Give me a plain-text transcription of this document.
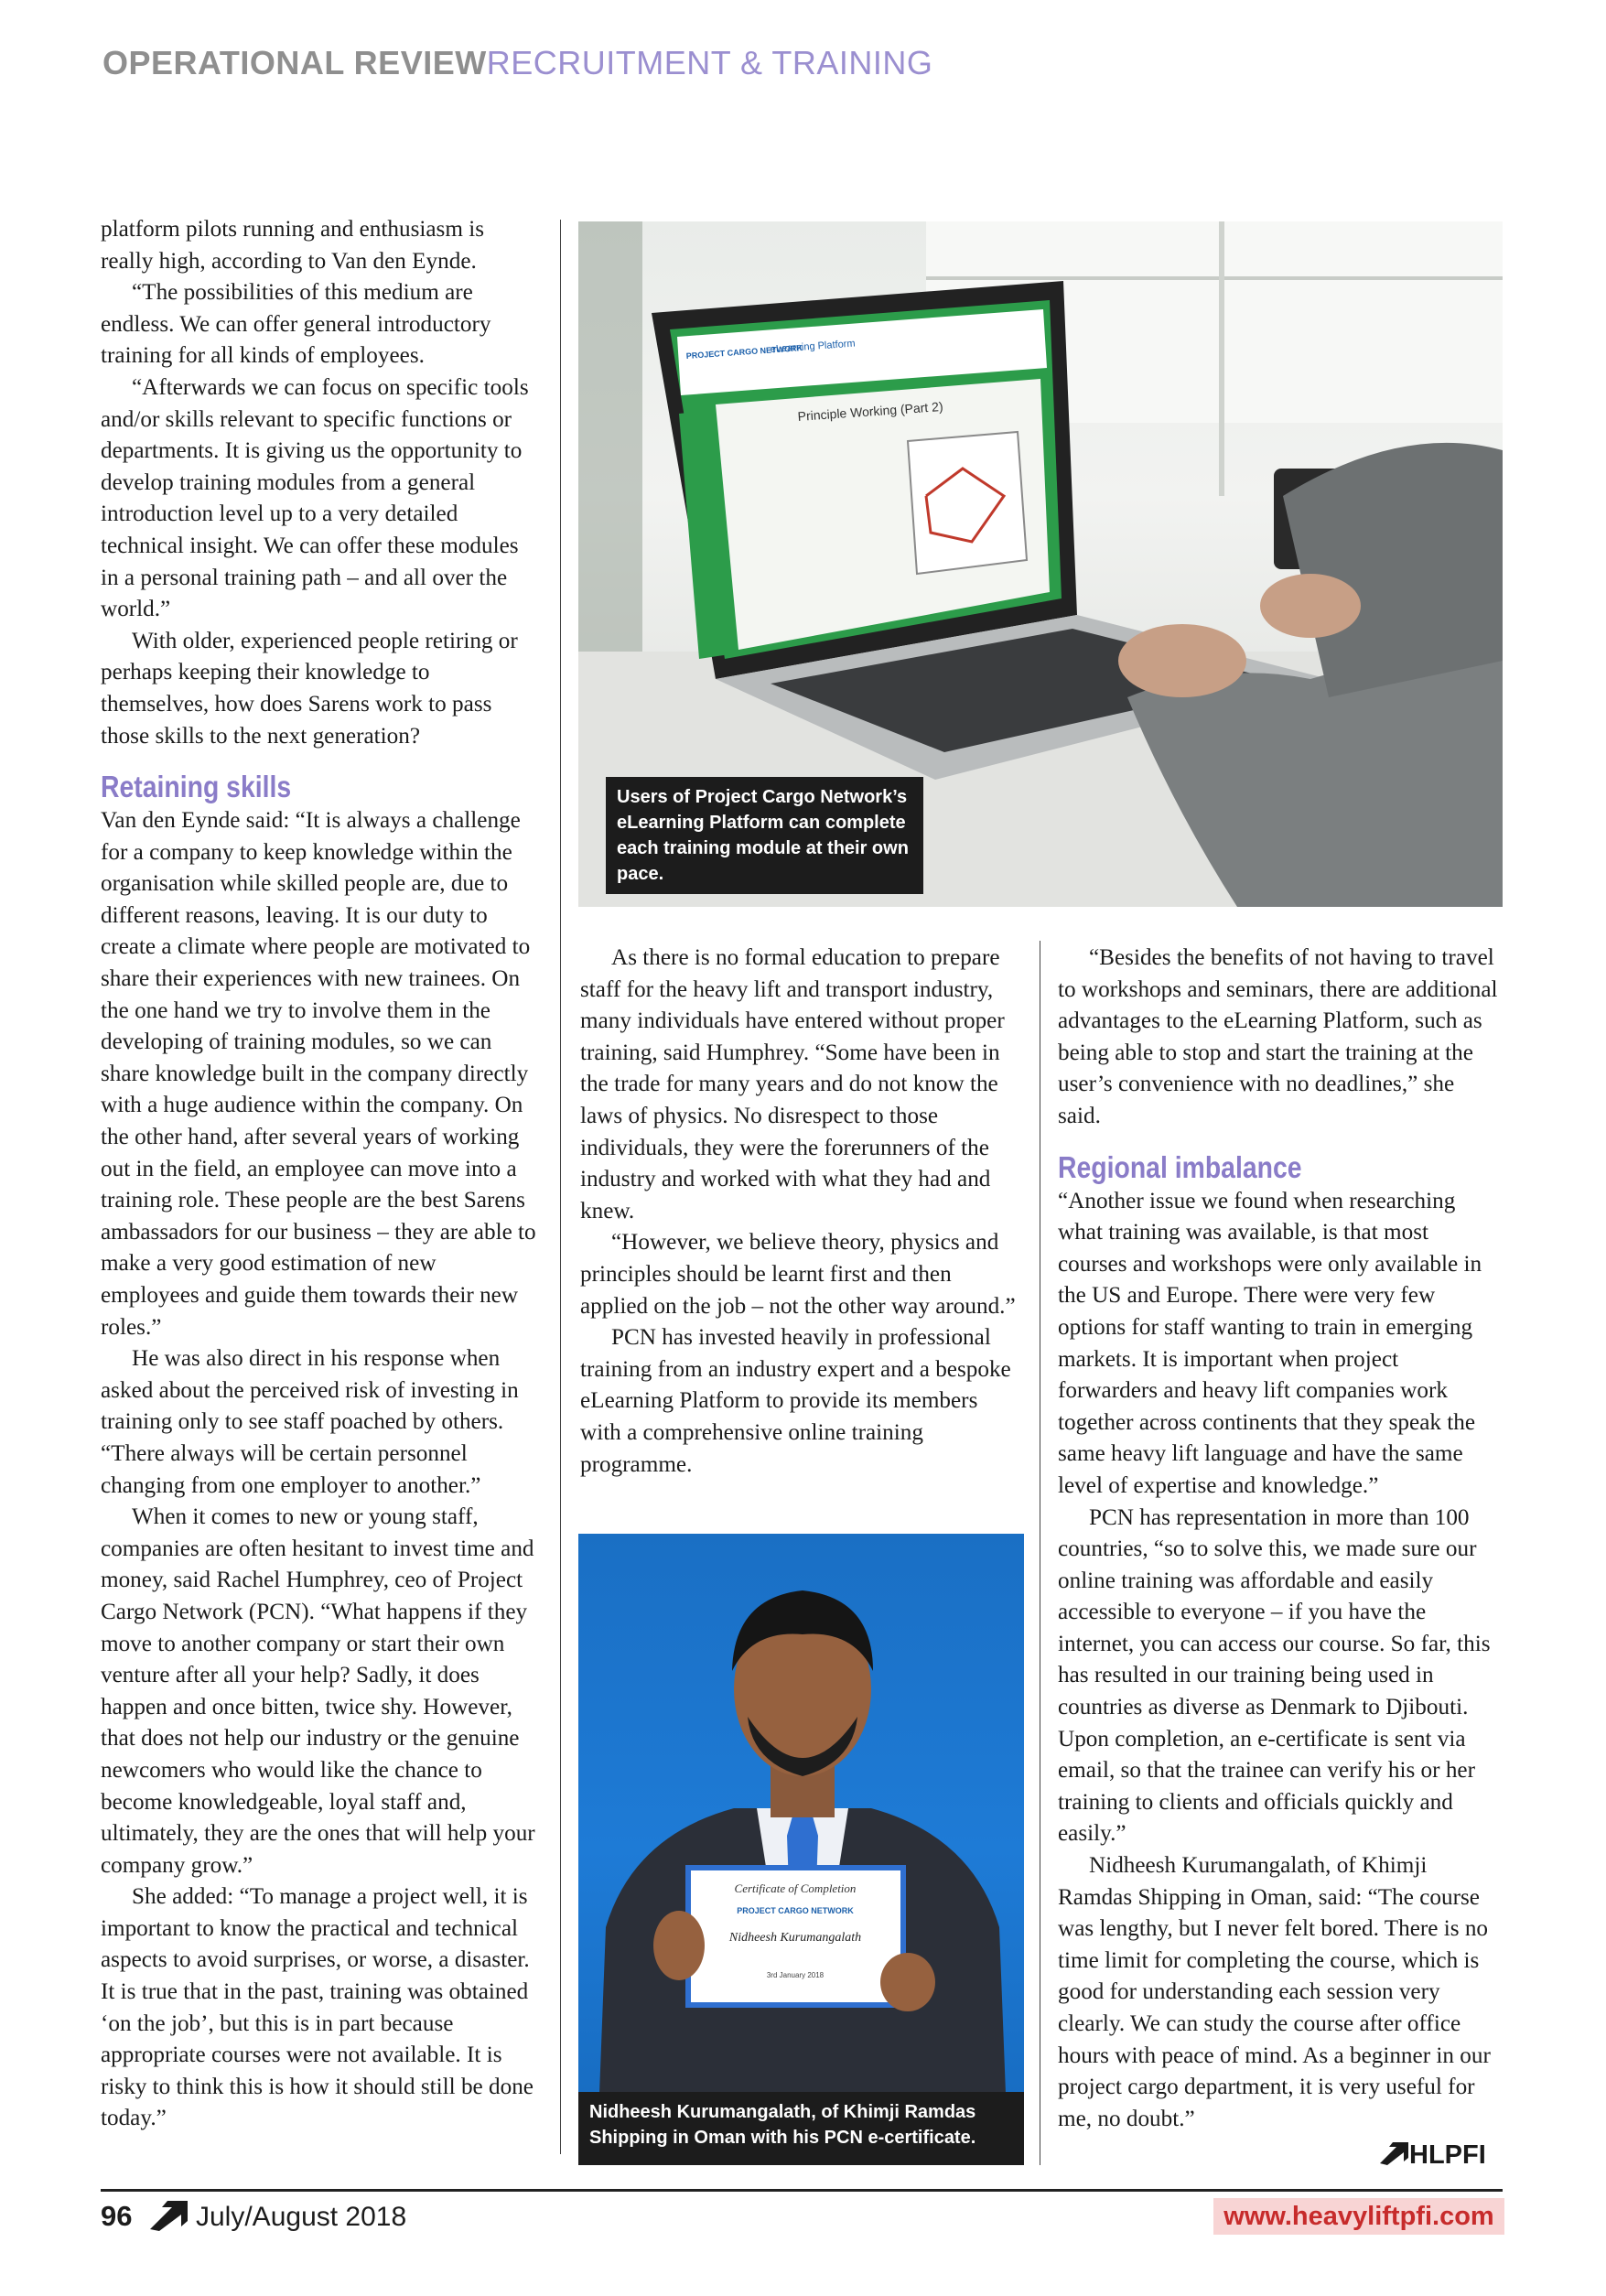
OPERATIONAL REVIEWRECRUITMENT & TRAINING

platform pilots running and enthusiasm is really high, according to Van den Eynde.

“The possibilities of this medium are endless. We can offer general introductory training for all kinds of employees.

“Afterwards we can focus on specific tools and/or skills relevant to specific functions or departments. It is giving us the opportunity to develop training modules from a general introduction level up to a very detailed technical insight. We can offer these modules in a personal training path – and all over the world.”

With older, experienced people retiring or perhaps keeping their knowledge to themselves, how does Sarens work to pass those skills to the next generation?

Retaining skills

Van den Eynde said: “It is always a challenge for a company to keep knowledge within the organisation while skilled people are, due to different reasons, leaving. It is our duty to create a climate where people are motivated to share their experiences with new trainees. On the one hand we try to involve them in the developing of training modules, so we can share knowledge built in the company directly with a huge audience within the company. On the other hand, after several years of working out in the field, an employee can move into a training role. These people are the best Sarens ambassadors for our business – they are able to make a very good estimation of new employees and guide them towards their new roles.”

He was also direct in his response when asked about the perceived risk of investing in training only to see staff poached by others. “There always will be certain personnel changing from one employer to another.”

When it comes to new or young staff, companies are often hesitant to invest time and money, said Rachel Humphrey, ceo of Project Cargo Network (PCN). “What happens if they move to another company or start their own venture after all your help? Sadly, it does happen and once bitten, twice shy. However, that does not help our industry or the genuine newcomers who would like the chance to become knowledgeable, loyal staff and, ultimately, they are the ones that will help your company grow.”

She added: “To manage a project well, it is important to know the practical and technical aspects to avoid surprises, or worse, a disaster. It is true that in the past, training was obtained ‘on the job’, but this is in part because appropriate courses were not available. It is risky to think this is how it should still be done today.”

PROJECT CARGO NETWORK
eLearning Platform
Principle Working (Part 2)
Users of Project Cargo Network’s eLearning Platform can complete each training module at their own pace.

As there is no formal education to prepare staff for the heavy lift and transport industry, many individuals have entered without proper training, said Humphrey. “Some have been in the trade for many years and do not know the laws of physics. No disrespect to those individuals, they were the forerunners of the industry and worked with what they had and knew.

“However, we believe theory, physics and principles should be learnt first and then applied on the job – not the other way around.”

PCN has invested heavily in professional training from an industry expert and a bespoke eLearning Platform to provide its members with a comprehensive online training programme.

Certificate of Completion
PROJECT CARGO NETWORK
Nidheesh Kurumangalath
3rd January 2018
Nidheesh Kurumangalath, of Khimji Ramdas Shipping in Oman with his PCN e-certificate.

“Besides the benefits of not having to travel to workshops and seminars, there are additional advantages to the eLearning Platform, such as being able to stop and start the training at the user’s convenience with no deadlines,” she said.

Regional imbalance

“Another issue we found when researching what training was available, is that most courses and workshops were only available in the US and Europe. There were very few options for staff wanting to train in emerging markets. It is important when project forwarders and heavy lift companies work together across continents that they speak the same heavy lift language and have the same level of expertise and knowledge.”

PCN has representation in more than 100 countries, “so to solve this, we made sure our online training was affordable and easily accessible to everyone – if you have the internet, you can access our course. So far, this has resulted in our training being used in countries as diverse as Denmark to Djibouti. Upon completion, an e-certificate is sent via email, so that the trainee can verify his or her training to clients and officials quickly and easily.”

Nidheesh Kurumangalath, of Khimji Ramdas Shipping in Oman, said: “The course was lengthy, but I never felt bored. There is no time limit for completing the course, which is good for understanding each session very clearly. We can study the course after office hours with peace of mind. As a beginner in our project cargo department, it is very useful for me, no doubt.”

HLPFI
96 July/August 2018	www.heavyliftpfi.com
